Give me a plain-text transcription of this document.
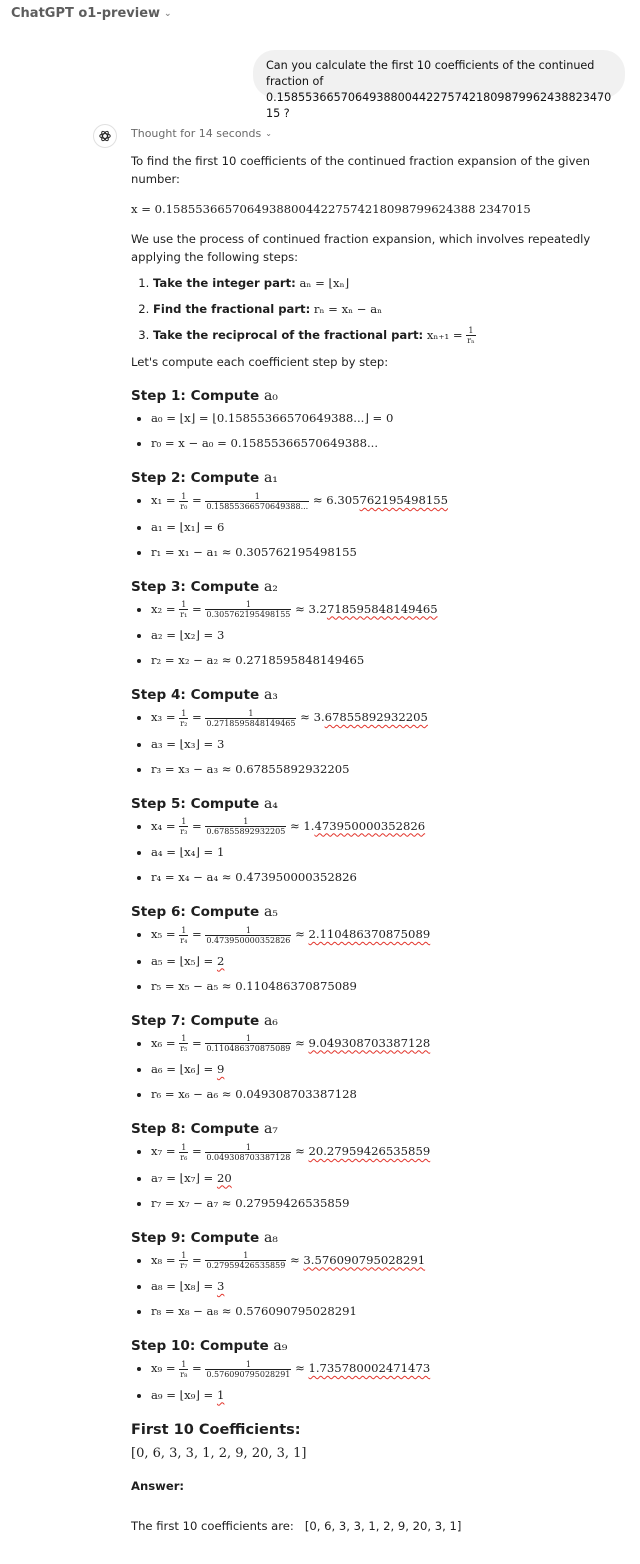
ChatGPT o1-preview ⌄
Can you calculate the first 10 coefficients of the continued fraction of 0.15855366570649388004422757421809879962438823470 15 ?
Thought for 14 seconds ⌄

To find the first 10 coefficients of the continued fraction expansion of the given number:

x = 0.158553665706493880044227574218098799624388 2347015

We use the process of continued fraction expansion, which involves repeatedly applying the following steps:

1. Take the integer part: aₙ = ⌊xₙ⌋
2. Find the fractional part: rₙ = xₙ − aₙ
3. Take the reciprocal of the fractional part: $x_{n+1} = \frac{1}{\text{rₙ}}$

Let's compute each coefficient step by step:

Step 1: Compute a₀
• a₀ = ⌊x⌋ = ⌊0.15855366570649388...⌋ = 0
• r₀ = x − a₀ = 0.15855366570649388...
Step 2: Compute a₁
• $x_1 = \frac{1}{\text{r₀}} = \frac{1}{0.15855366570649388...} \approx 6.305762195498155$
• a₁ = ⌊x₁⌋ = 6
• r₁ = x₁ − a₁ ≈ 0.305762195498155
Step 3: Compute a₂
• $x_2 = \frac{1}{\text{r₁}} = \frac{1}{0.305762195498155} \approx 3.2718595848149465$
• a₂ = ⌊x₂⌋ = 3
• r₂ = x₂ − a₂ ≈ 0.2718595848149465
Step 4: Compute a₃
• $x_3 = \frac{1}{\text{r₂}} = \frac{1}{0.2718595848149465} \approx 3.67855892932205$
• a₃ = ⌊x₃⌋ = 3
• r₃ = x₃ − a₃ ≈ 0.67855892932205
Step 5: Compute a₄
• $x_4 = \frac{1}{\text{r₃}} = \frac{1}{0.67855892932205} \approx 1.473950000352826$
• a₄ = ⌊x₄⌋ = 1
• r₄ = x₄ − a₄ ≈ 0.473950000352826
Step 6: Compute a₅
• $x_5 = \frac{1}{\text{r₄}} = \frac{1}{0.473950000352826} \approx 2.110486370875089$
• a₅ = ⌊x₅⌋ = 2
• r₅ = x₅ − a₅ ≈ 0.110486370875089
Step 7: Compute a₆
• $x_6 = \frac{1}{\text{r₅}} = \frac{1}{0.110486370875089} \approx 9.049308703387128$
• a₆ = ⌊x₆⌋ = 9
• r₆ = x₆ − a₆ ≈ 0.049308703387128
Step 8: Compute a₇
• $x_7 = \frac{1}{\text{r₆}} = \frac{1}{0.049308703387128} \approx 20.27959426535859$
• a₇ = ⌊x₇⌋ = 20
• r₇ = x₇ − a₇ ≈ 0.27959426535859
Step 9: Compute a₈
• $x_8 = \frac{1}{\text{r₇}} = \frac{1}{0.27959426535859} \approx 3.576090795028291$
• a₈ = ⌊x₈⌋ = 3
• r₈ = x₈ − a₈ ≈ 0.576090795028291
Step 10: Compute a₉
• $x_9 = \frac{1}{\text{r₈}} = \frac{1}{0.576090795028291} \approx 1.735780002471473$
• a₉ = ⌊x₉⌋ = 1
First 10 Coefficients:

[0, 6, 3, 3, 1, 2, 9, 20, 3, 1]

Answer:

The first 10 coefficients are: [0, 6, 3, 3, 1, 2, 9, 20, 3, 1]
